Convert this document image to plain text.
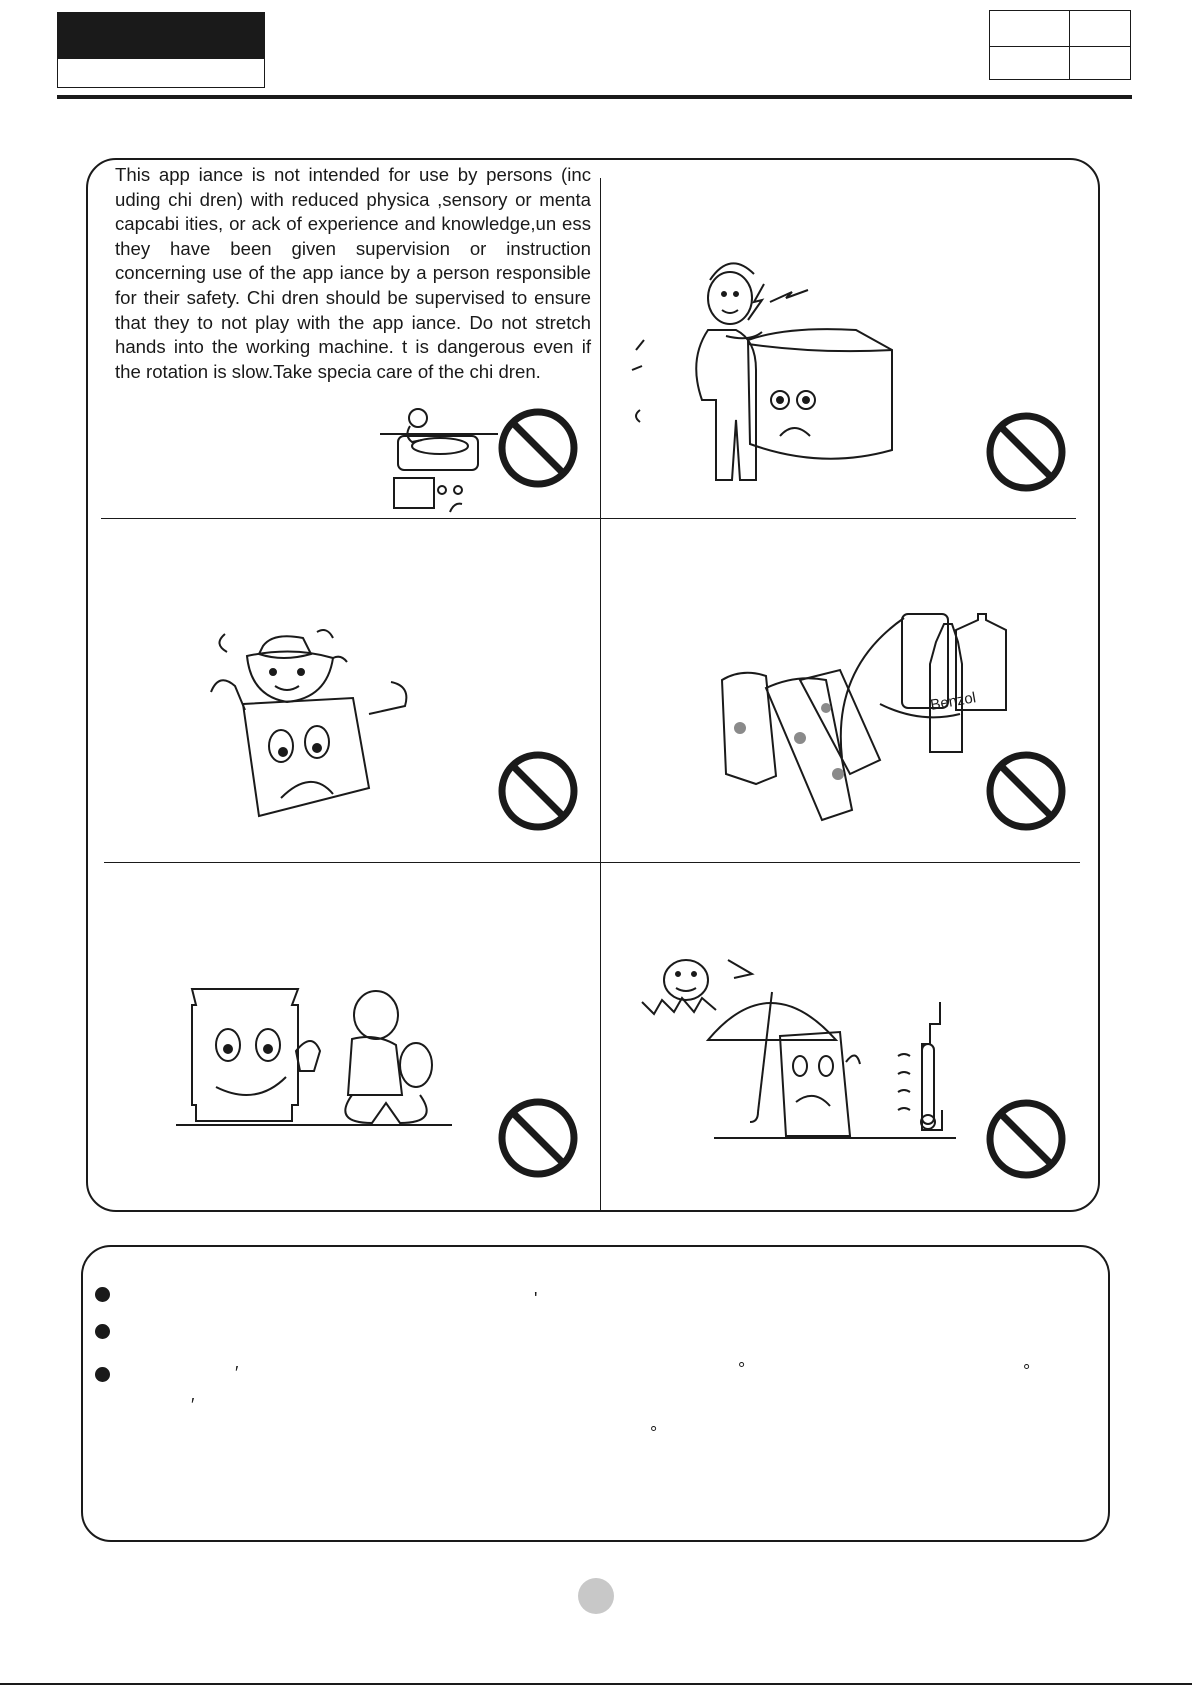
This app iance is not intended for use by persons (inc uding chi dren) with reduced physica ,sensory or menta capcabi ities, or ack of experience and knowledge,un ess they have been given supervision or instruction concerning use of the app iance by a person responsible for their safety. Chi dren should be supervised to ensure that they to not play with the app iance. Do not stretch hands into the working machine. t is dangerous even if the rotation is slow.Take specia care of the chi dren.

Benzol
'
′	°	°
′
°
